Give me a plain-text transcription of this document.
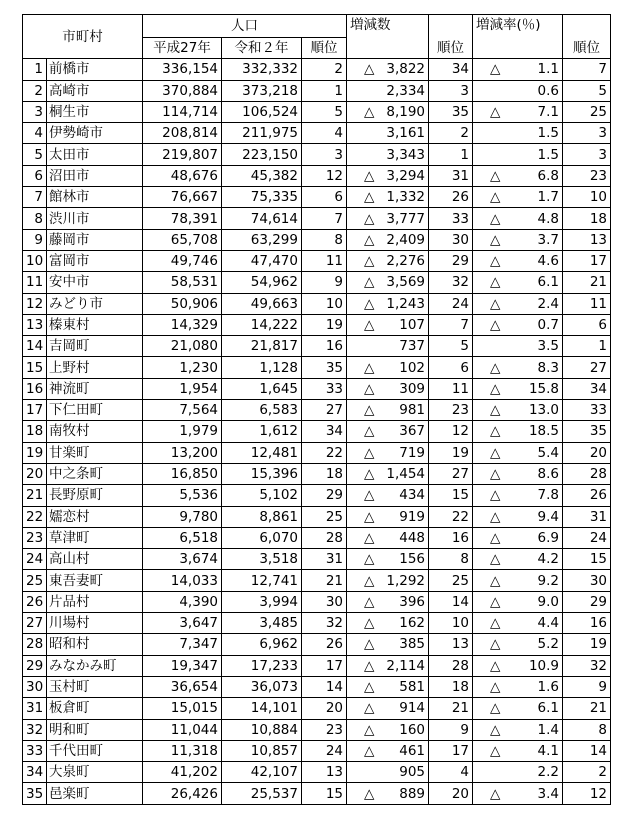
市町村		人口			増減数	順位	増減率(％)	順位
		平成27年	令和２年	順位				
1	前橋市	336,154	332,332	2	△ 3,822	34	△ 1.1	7
2	高崎市	370,884	373,218	1	2,334	3	0.6	5
3	桐生市	114,714	106,524	5	△ 8,190	35	△ 7.1	25
4	伊勢崎市	208,814	211,975	4	3,161	2	1.5	3
5	太田市	219,807	223,150	3	3,343	1	1.5	3
6	沼田市	48,676	45,382	12	△ 3,294	31	△ 6.8	23
7	館林市	76,667	75,335	6	△ 1,332	26	△ 1.7	10
8	渋川市	78,391	74,614	7	△ 3,777	33	△ 4.8	18
9	藤岡市	65,708	63,299	8	△ 2,409	30	△ 3.7	13
10	富岡市	49,746	47,470	11	△ 2,276	29	△ 4.6	17
11	安中市	58,531	54,962	9	△ 3,569	32	△ 6.1	21
12	みどり市	50,906	49,663	10	△ 1,243	24	△ 2.4	11
13	榛東村	14,329	14,222	19	△ 107	7	△ 0.7	6
14	吉岡町	21,080	21,817	16	737	5	3.5	1
15	上野村	1,230	1,128	35	△ 102	6	△ 8.3	27
16	神流町	1,954	1,645	33	△ 309	11	△ 15.8	34
17	下仁田町	7,564	6,583	27	△ 981	23	△ 13.0	33
18	南牧村	1,979	1,612	34	△ 367	12	△ 18.5	35
19	甘楽町	13,200	12,481	22	△ 719	19	△ 5.4	20
20	中之条町	16,850	15,396	18	△ 1,454	27	△ 8.6	28
21	長野原町	5,536	5,102	29	△ 434	15	△ 7.8	26
22	嬬恋村	9,780	8,861	25	△ 919	22	△ 9.4	31
23	草津町	6,518	6,070	28	△ 448	16	△ 6.9	24
24	高山村	3,674	3,518	31	△ 156	8	△ 4.2	15
25	東吾妻町	14,033	12,741	21	△ 1,292	25	△ 9.2	30
26	片品村	4,390	3,994	30	△ 396	14	△ 9.0	29
27	川場村	3,647	3,485	32	△ 162	10	△ 4.4	16
28	昭和村	7,347	6,962	26	△ 385	13	△ 5.2	19
29	みなかみ町	19,347	17,233	17	△ 2,114	28	△ 10.9	32
30	玉村町	36,654	36,073	14	△ 581	18	△ 1.6	9
31	板倉町	15,015	14,101	20	△ 914	21	△ 6.1	21
32	明和町	11,044	10,884	23	△ 160	9	△ 1.4	8
33	千代田町	11,318	10,857	24	△ 461	17	△ 4.1	14
34	大泉町	41,202	42,107	13	905	4	2.2	2
35	邑楽町	26,426	25,537	15	△ 889	20	△ 3.4	12
